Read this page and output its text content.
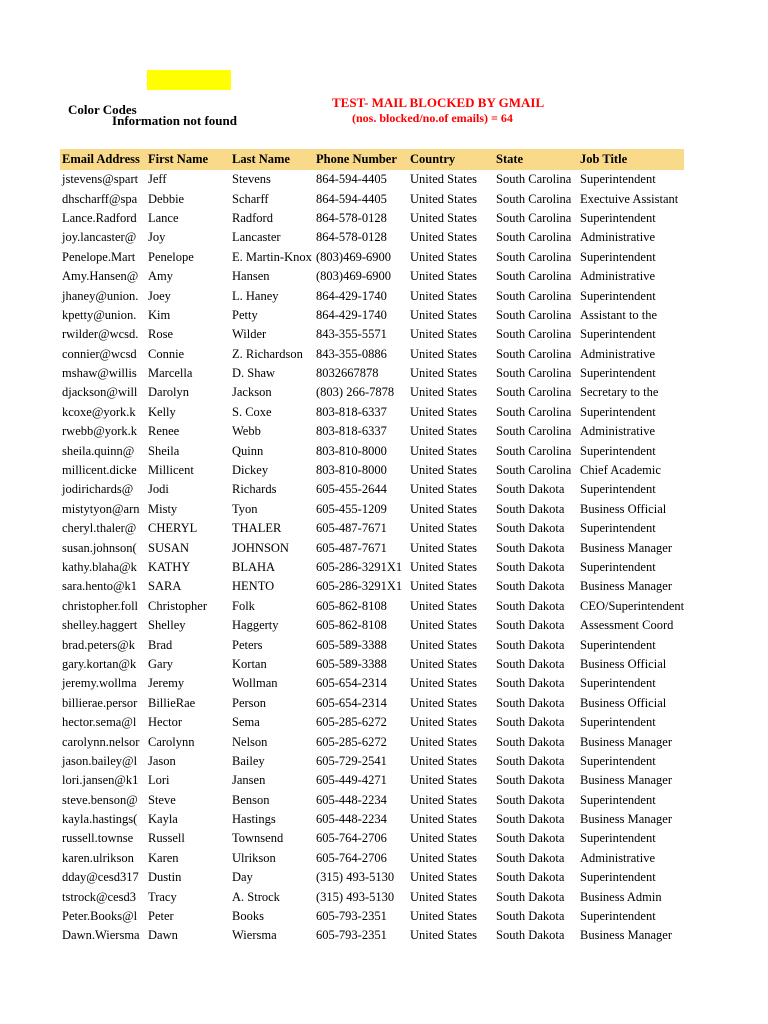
Color Codes
Information not found
TEST- MAIL BLOCKED BY GMAIL
(nos. blocked/no.of emails) = 64
Email Address	First Name	Last Name	Phone Number	Country	State	Job Title
jstevens@spart	Jeff	Stevens	864-594-4405	United States	South Carolina	Superintendent
dhscharff@spa	Debbie	Scharff	864-594-4405	United States	South Carolina	Exectuive Assistant
Lance.Radford	Lance	Radford	864-578-0128	United States	South Carolina	Superintendent
joy.lancaster@	Joy	Lancaster	864-578-0128	United States	South Carolina	Administrative
Penelope.Mart	Penelope	E. Martin-Knox	(803)469-6900	United States	South Carolina	Superintendent
Amy.Hansen@	Amy	Hansen	(803)469-6900	United States	South Carolina	Administrative
jhaney@union.	Joey	L. Haney	864-429-1740	United States	South Carolina	Superintendent
kpetty@union.	Kim	Petty	864-429-1740	United States	South Carolina	Assistant to the
rwilder@wcsd.	Rose	Wilder	843-355-5571	United States	South Carolina	Superintendent
connier@wcsd	Connie	Z. Richardson	843-355-0886	United States	South Carolina	Administrative
mshaw@willis	Marcella	D. Shaw	8032667878	United States	South Carolina	Superintendent
djackson@will	Darolyn	Jackson	(803) 266-7878	United States	South Carolina	Secretary to the
kcoxe@york.k	Kelly	S. Coxe	803-818-6337	United States	South Carolina	Superintendent
rwebb@york.k	Renee	Webb	803-818-6337	United States	South Carolina	Administrative
sheila.quinn@	Sheila	Quinn	803-810-8000	United States	South Carolina	Superintendent
millicent.dicke	Millicent	Dickey	803-810-8000	United States	South Carolina	Chief Academic
jodirichards@	Jodi	Richards	605-455-2644	United States	South Dakota	Superintendent
mistytyon@arn	Misty	Tyon	605-455-1209	United States	South Dakota	Business Official
cheryl.thaler@	CHERYL	THALER	605-487-7671	United States	South Dakota	Superintendent
susan.johnson(	SUSAN	JOHNSON	605-487-7671	United States	South Dakota	Business Manager
kathy.blaha@k	KATHY	BLAHA	605-286-3291X1	United States	South Dakota	Superintendent
sara.hento@k1	SARA	HENTO	605-286-3291X1	United States	South Dakota	Business Manager
christopher.foll	Christopher	Folk	605-862-8108	United States	South Dakota	CEO/Superintendent
shelley.haggert	Shelley	Haggerty	605-862-8108	United States	South Dakota	Assessment Coord
brad.peters@k	Brad	Peters	605-589-3388	United States	South Dakota	Superintendent
gary.kortan@k	Gary	Kortan	605-589-3388	United States	South Dakota	Business Official
jeremy.wollma	Jeremy	Wollman	605-654-2314	United States	South Dakota	Superintendent
billierae.persor	BillieRae	Person	605-654-2314	United States	South Dakota	Business Official
hector.sema@l	Hector	Sema	605-285-6272	United States	South Dakota	Superintendent
carolynn.nelsor	Carolynn	Nelson	605-285-6272	United States	South Dakota	Business Manager
jason.bailey@l	Jason	Bailey	605-729-2541	United States	South Dakota	Superintendent
lori.jansen@k1	Lori	Jansen	605-449-4271	United States	South Dakota	Business Manager
steve.benson@	Steve	Benson	605-448-2234	United States	South Dakota	Superintendent
kayla.hastings(	Kayla	Hastings	605-448-2234	United States	South Dakota	Business Manager
russell.townse	Russell	Townsend	605-764-2706	United States	South Dakota	Superintendent
karen.ulrikson	Karen	Ulrikson	605-764-2706	United States	South Dakota	Administrative
dday@cesd317	Dustin	Day	(315) 493-5130	United States	South Dakota	Superintendent
tstrock@cesd3	Tracy	A. Strock	(315) 493-5130	United States	South Dakota	Business Admin
Peter.Books@l	Peter	Books	605-793-2351	United States	South Dakota	Superintendent
Dawn.Wiersma	Dawn	Wiersma	605-793-2351	United States	South Dakota	Business Manager
